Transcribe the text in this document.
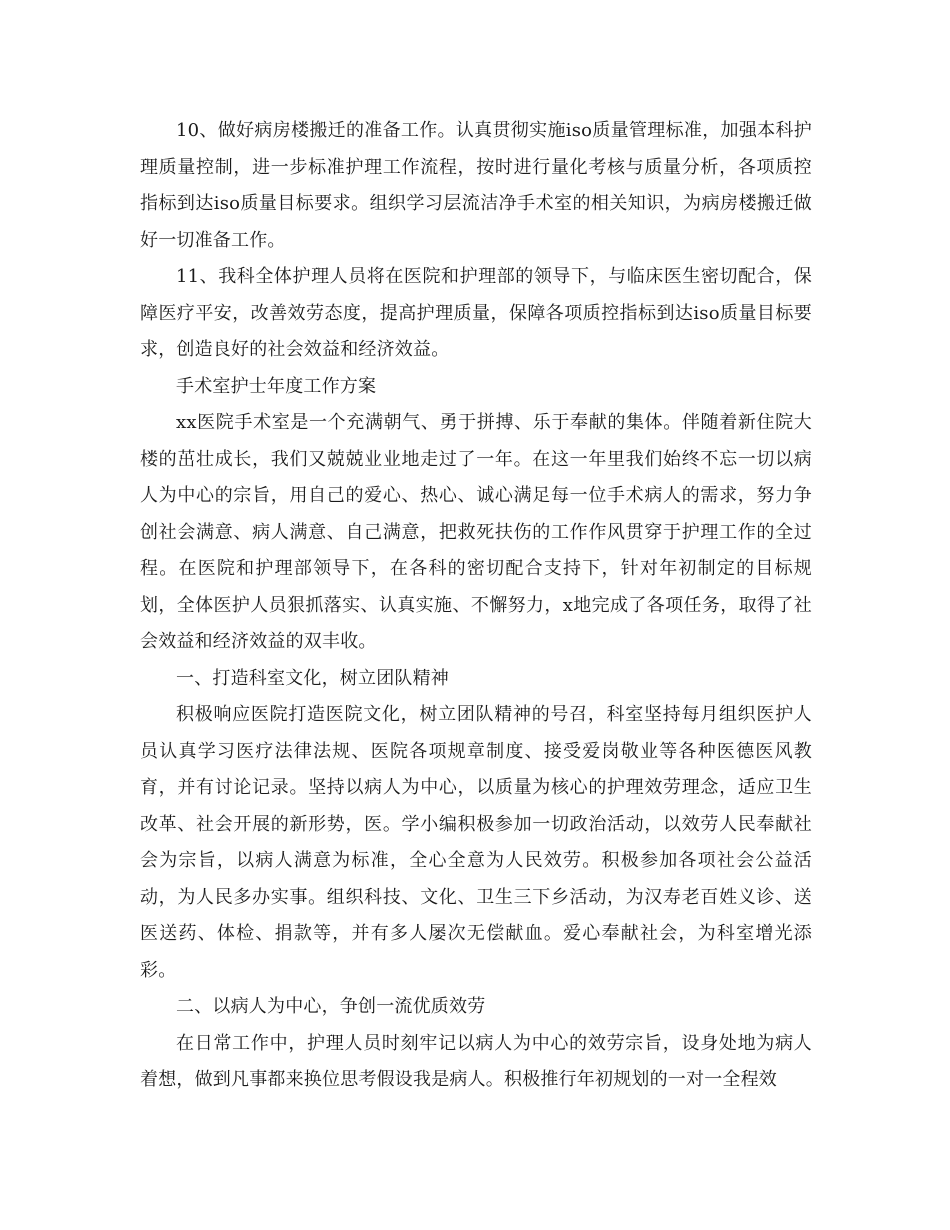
10、做好病房楼搬迁的准备工作。认真贯彻实施iso质量管理标准，加强本科护理质量控制，进一步标准护理工作流程，按时进行量化考核与质量分析，各项质控指标到达iso质量目标要求。组织学习层流洁净手术室的相关知识，为病房楼搬迁做好一切准备工作。

11、我科全体护理人员将在医院和护理部的领导下，与临床医生密切配合，保障医疗平安，改善效劳态度，提高护理质量，保障各项质控指标到达iso质量目标要求，创造良好的社会效益和经济效益。

手术室护士年度工作方案

xx医院手术室是一个充满朝气、勇于拼搏、乐于奉献的集体。伴随着新住院大楼的茁壮成长，我们又兢兢业业地走过了一年。在这一年里我们始终不忘一切以病人为中心的宗旨，用自己的爱心、热心、诚心满足每一位手术病人的需求，努力争创社会满意、病人满意、自己满意，把救死扶伤的工作作风贯穿于护理工作的全过程。在医院和护理部领导下，在各科的密切配合支持下，针对年初制定的目标规划，全体医护人员狠抓落实、认真实施、不懈努力，x地完成了各项任务，取得了社会效益和经济效益的双丰收。

一、打造科室文化，树立团队精神

积极响应医院打造医院文化，树立团队精神的号召，科室坚持每月组织医护人员认真学习医疗法律法规、医院各项规章制度、接受爱岗敬业等各种医德医风教育，并有讨论记录。坚持以病人为中心，以质量为核心的护理效劳理念，适应卫生改革、社会开展的新形势，医。学小编积极参加一切政治活动，以效劳人民奉献社会为宗旨，以病人满意为标准，全心全意为人民效劳。积极参加各项社会公益活动，为人民多办实事。组织科技、文化、卫生三下乡活动，为汉寿老百姓义诊、送医送药、体检、捐款等，并有多人屡次无偿献血。爱心奉献社会，为科室增光添彩。

二、以病人为中心，争创一流优质效劳

在日常工作中，护理人员时刻牢记以病人为中心的效劳宗旨，设身处地为病人着想，做到凡事都来换位思考假设我是病人。积极推行年初规划的一对一全程效
